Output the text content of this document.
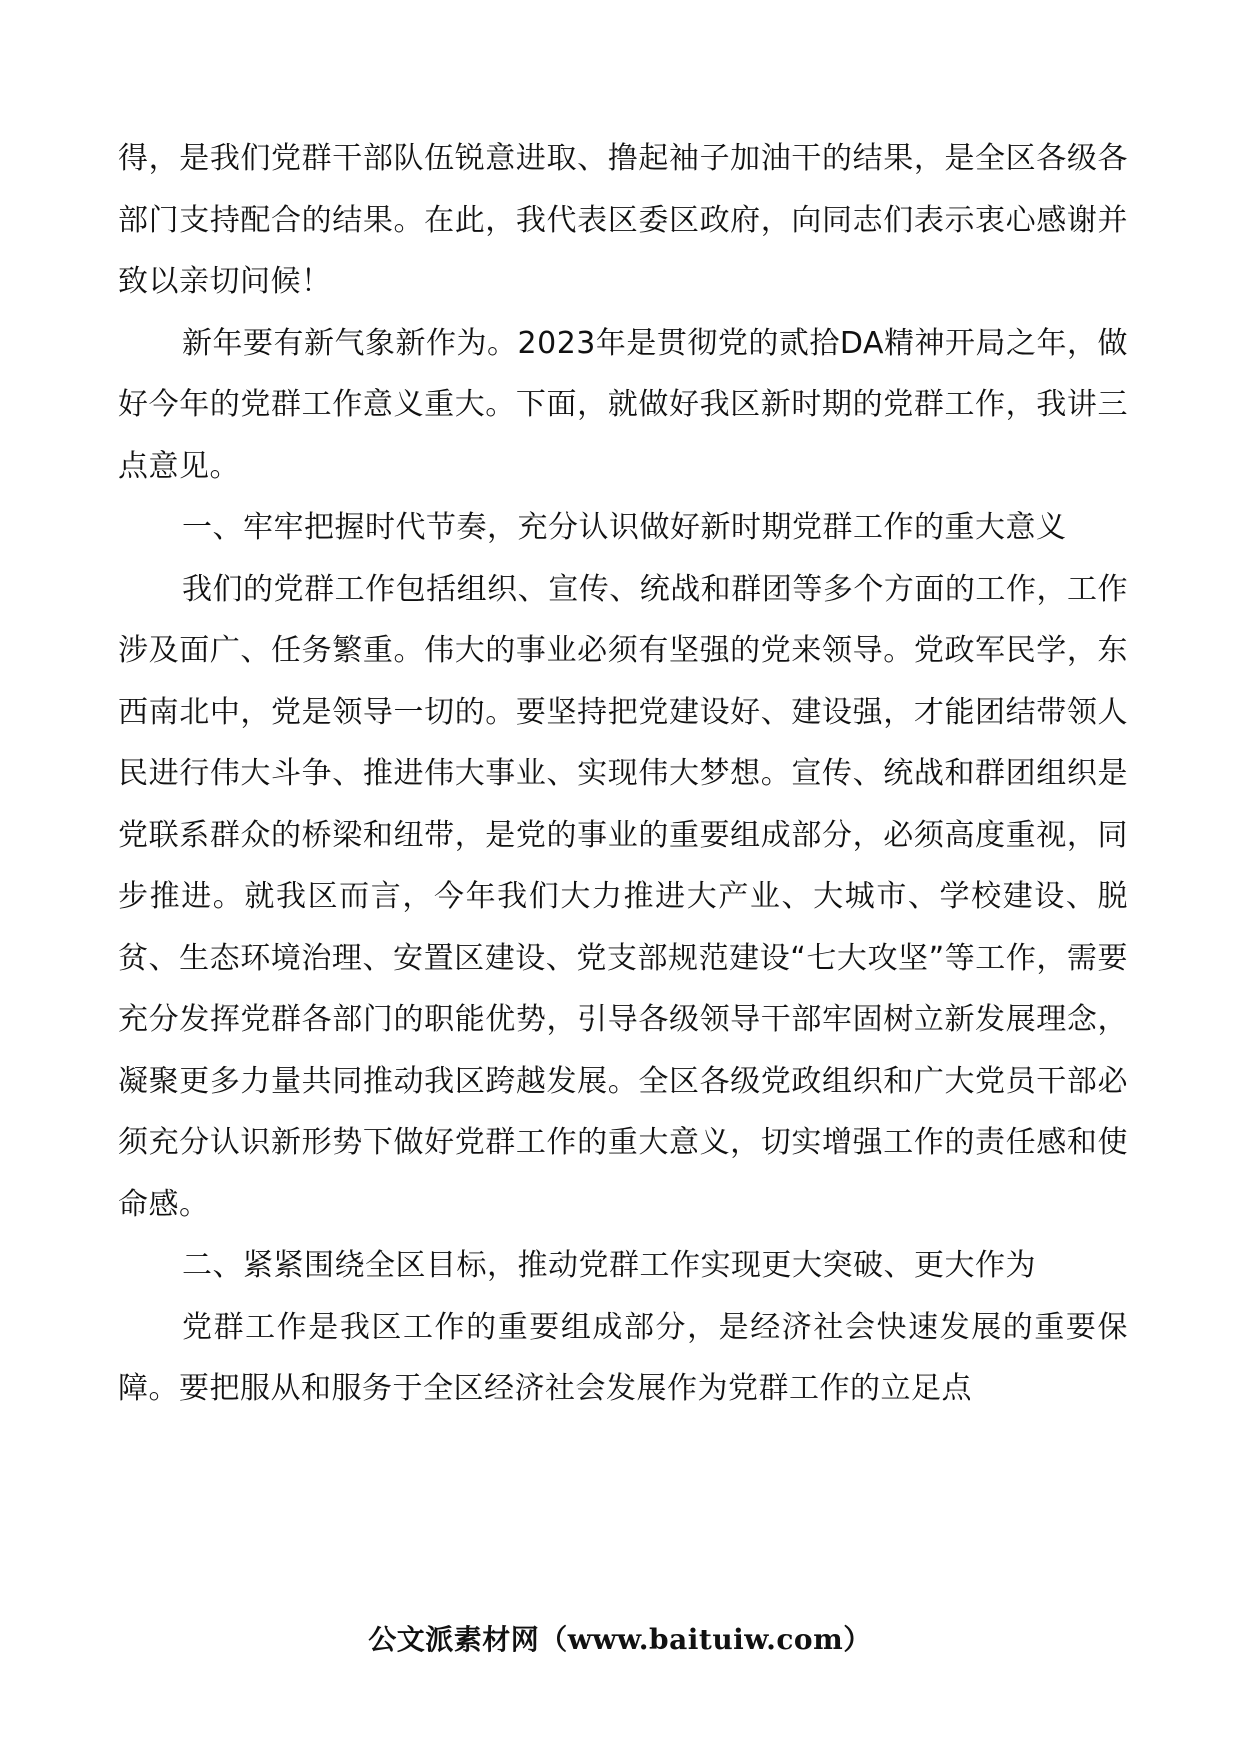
得，是我们党群干部队伍锐意进取、撸起袖子加油干的结果，是全区各级各部门支持配合的结果。在此，我代表区委区政府，向同志们表示衷心感谢并致以亲切问候！

新年要有新气象新作为。2023年是贯彻党的贰拾DA精神开局之年，做好今年的党群工作意义重大。下面，就做好我区新时期的党群工作，我讲三点意见。

一、牢牢把握时代节奏，充分认识做好新时期党群工作的重大意义

我们的党群工作包括组织、宣传、统战和群团等多个方面的工作，工作涉及面广、任务繁重。伟大的事业必须有坚强的党来领导。党政军民学，东西南北中，党是领导一切的。要坚持把党建设好、建设强，才能团结带领人民进行伟大斗争、推进伟大事业、实现伟大梦想。宣传、统战和群团组织是党联系群众的桥梁和纽带，是党的事业的重要组成部分，必须高度重视，同步推进。就我区而言，今年我们大力推进大产业、大城市、学校建设、脱贫、生态环境治理、安置区建设、党支部规范建设“七大攻坚”等工作，需要充分发挥党群各部门的职能优势，引导各级领导干部牢固树立新发展理念，凝聚更多力量共同推动我区跨越发展。全区各级党政组织和广大党员干部必须充分认识新形势下做好党群工作的重大意义，切实增强工作的责任感和使命感。

二、紧紧围绕全区目标，推动党群工作实现更大突破、更大作为

党群工作是我区工作的重要组成部分，是经济社会快速发展的重要保障。要把服从和服务于全区经济社会发展作为党群工作的立足点

公文派素材网（www.baituiw.com）
